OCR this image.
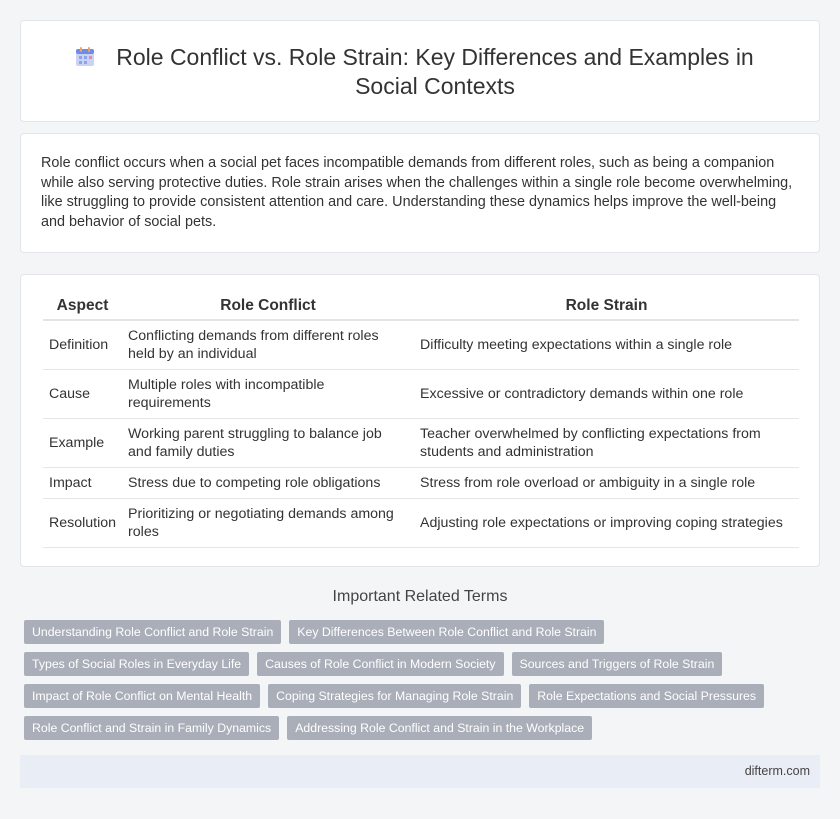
Role Conflict vs. Role Strain: Key Differences and Examples in Social Contexts

Role conflict occurs when a social pet faces incompatible demands from different roles, such as being a companion while also serving protective duties. Role strain arises when the challenges within a single role become overwhelming, like struggling to provide consistent attention and care. Understanding these dynamics helps improve the well-being and behavior of social pets.

Aspect	Role Conflict	Role Strain
Definition	Conflicting demands from different roles held by an individual	Difficulty meeting expectations within a single role
Cause	Multiple roles with incompatible requirements	Excessive or contradictory demands within one role
Example	Working parent struggling to balance job and family duties	Teacher overwhelmed by conflicting expectations from students and administration
Impact	Stress due to competing role obligations	Stress from role overload or ambiguity in a single role
Resolution	Prioritizing or negotiating demands among roles	Adjusting role expectations or improving coping strategies
Important Related Terms
Understanding Role Conflict and Role Strain	Key Differences Between Role Conflict and Role Strain
Types of Social Roles in Everyday Life	Causes of Role Conflict in Modern Society	Sources and Triggers of Role Strain
Impact of Role Conflict on Mental Health	Coping Strategies for Managing Role Strain	Role Expectations and Social Pressures
Role Conflict and Strain in Family Dynamics	Addressing Role Conflict and Strain in the Workplace
difterm.com
